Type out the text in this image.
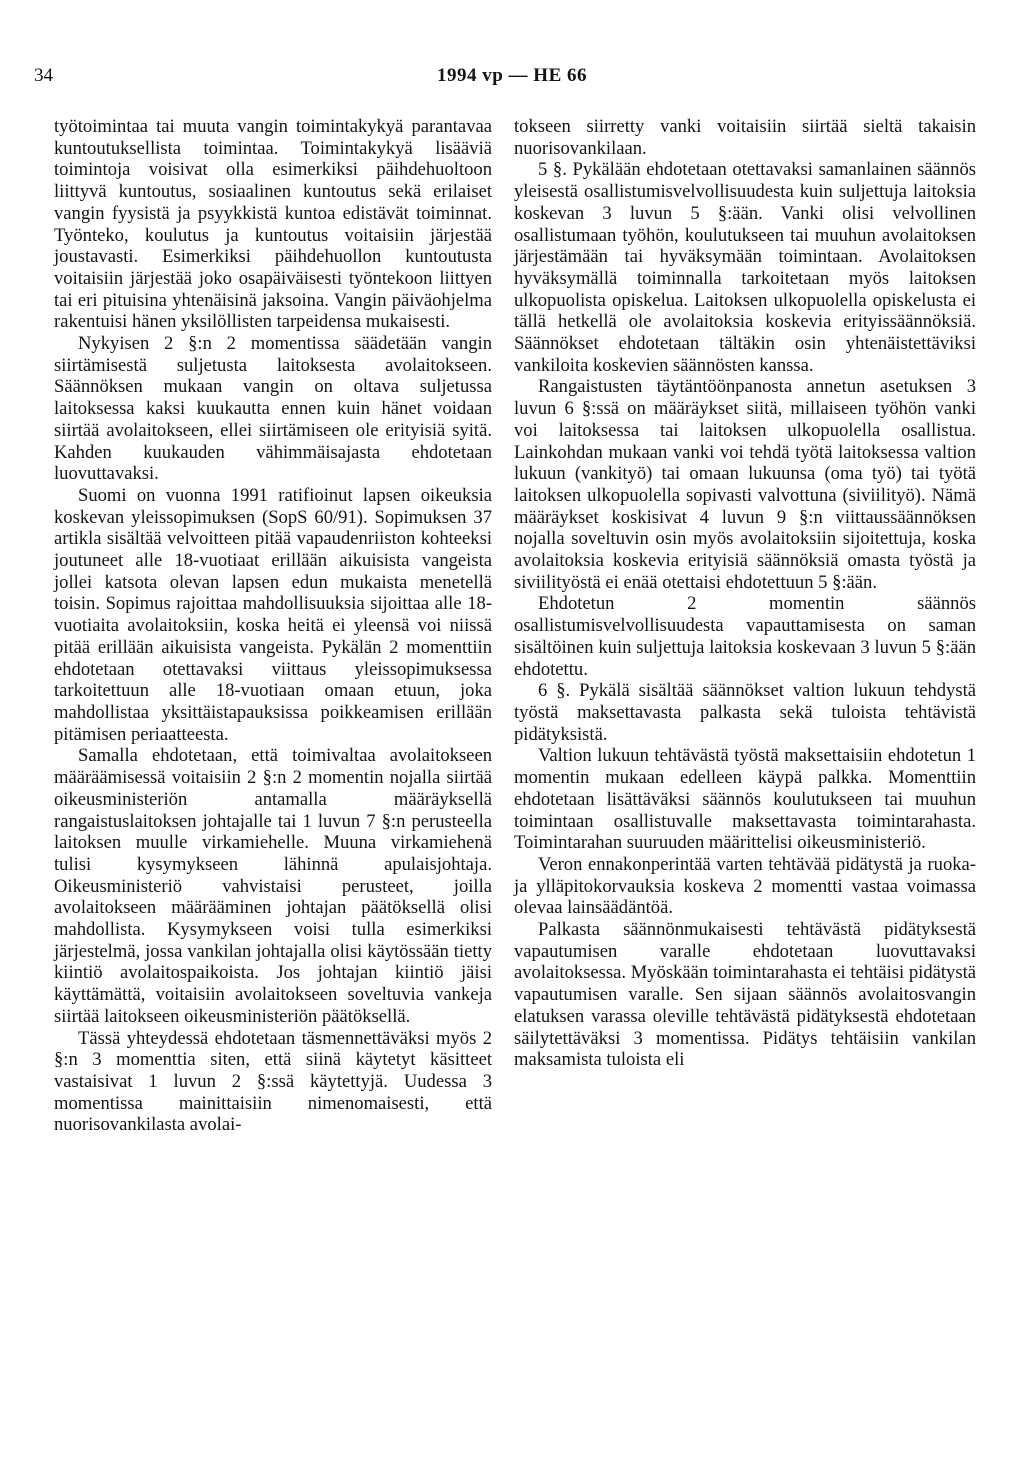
34	1994 vp — HE 66

työtoimintaa tai muuta vangin toimintakykyä parantavaa kuntoutuksellista toimintaa. Toimintakykyä lisääviä toimintoja voisivat olla esimerkiksi päihdehuoltoon liittyvä kuntoutus, sosiaalinen kuntoutus sekä erilaiset vangin fyysistä ja psyykkistä kuntoa edistävät toiminnat. Työnteko, koulutus ja kuntoutus voitaisiin järjestää joustavasti. Esimerkiksi päihdehuollon kuntoutusta voitaisiin järjestää joko osapäiväisesti työntekoon liittyen tai eri pituisina yhtenäisinä jaksoina. Vangin päiväohjelma rakentuisi hänen yksilöllisten tarpeidensa mukaisesti.

Nykyisen 2 §:n 2 momentissa säädetään vangin siirtämisestä suljetusta laitoksesta avolaitokseen. Säännöksen mukaan vangin on oltava suljetussa laitoksessa kaksi kuukautta ennen kuin hänet voidaan siirtää avolaitokseen, ellei siirtämiseen ole erityisiä syitä. Kahden kuukauden vähimmäisajasta ehdotetaan luovuttavaksi.

Suomi on vuonna 1991 ratifioinut lapsen oikeuksia koskevan yleissopimuksen (SopS 60/91). Sopimuksen 37 artikla sisältää velvoitteen pitää vapaudenriiston kohteeksi joutuneet alle 18-vuotiaat erillään aikuisista vangeista jollei katsota olevan lapsen edun mukaista menetellä toisin. Sopimus rajoittaa mahdollisuuksia sijoittaa alle 18-vuotiaita avolaitoksiin, koska heitä ei yleensä voi niissä pitää erillään aikuisista vangeista. Pykälän 2 momenttiin ehdotetaan otettavaksi viittaus yleissopimuksessa tarkoitettuun alle 18-vuotiaan omaan etuun, joka mahdollistaa yksittäistapauksissa poikkeamisen erillään pitämisen periaatteesta.

Samalla ehdotetaan, että toimivaltaa avolaitokseen määräämisessä voitaisiin 2 §:n 2 momentin nojalla siirtää oikeusministeriön antamalla määräyksellä rangaistuslaitoksen johtajalle tai 1 luvun 7 §:n perusteella laitoksen muulle virkamiehelle. Muuna virkamiehenä tulisi kysymykseen lähinnä apulaisjohtaja. Oikeusministeriö vahvistaisi perusteet, joilla avolaitokseen määrääminen johtajan päätöksellä olisi mahdollista. Kysymykseen voisi tulla esimerkiksi järjestelmä, jossa vankilan johtajalla olisi käytössään tietty kiintiö avolaitospaikoista. Jos johtajan kiintiö jäisi käyttämättä, voitaisiin avolaitokseen soveltuvia vankeja siirtää laitokseen oikeusministeriön päätöksellä.

Tässä yhteydessä ehdotetaan täsmennettäväksi myös 2 §:n 3 momenttia siten, että siinä käytetyt käsitteet vastaisivat 1 luvun 2 §:ssä käytettyjä. Uudessa 3 momentissa mainittaisiin nimenomaisesti, että nuorisovankilasta avolai-

tokseen siirretty vanki voitaisiin siirtää sieltä takaisin nuorisovankilaan.

5 §. Pykälään ehdotetaan otettavaksi samanlainen säännös yleisestä osallistumisvelvollisuudesta kuin suljettuja laitoksia koskevan 3 luvun 5 §:ään. Vanki olisi velvollinen osallistumaan työhön, koulutukseen tai muuhun avolaitoksen järjestämään tai hyväksymään toimintaan. Avolaitoksen hyväksymällä toiminnalla tarkoitetaan myös laitoksen ulkopuolista opiskelua. Laitoksen ulkopuolella opiskelusta ei tällä hetkellä ole avolaitoksia koskevia erityissäännöksiä. Säännökset ehdotetaan tältäkin osin yhtenäistettäviksi vankiloita koskevien säännösten kanssa.

Rangaistusten täytäntöönpanosta annetun asetuksen 3 luvun 6 §:ssä on määräykset siitä, millaiseen työhön vanki voi laitoksessa tai laitoksen ulkopuolella osallistua. Lainkohdan mukaan vanki voi tehdä työtä laitoksessa valtion lukuun (vankityö) tai omaan lukuunsa (oma työ) tai työtä laitoksen ulkopuolella sopivasti valvottuna (siviilityö). Nämä määräykset koskisivat 4 luvun 9 §:n viittaussäännöksen nojalla soveltuvin osin myös avolaitoksiin sijoitettuja, koska avolaitoksia koskevia erityisiä säännöksiä omasta työstä ja siviilityöstä ei enää otettaisi ehdotettuun 5 §:ään.

Ehdotetun 2 momentin säännös osallistumisvelvollisuudesta vapauttamisesta on saman sisältöinen kuin suljettuja laitoksia koskevaan 3 luvun 5 §:ään ehdotettu.

6 §. Pykälä sisältää säännökset valtion lukuun tehdystä työstä maksettavasta palkasta sekä tuloista tehtävistä pidätyksistä.

Valtion lukuun tehtävästä työstä maksettaisiin ehdotetun 1 momentin mukaan edelleen käypä palkka. Momenttiin ehdotetaan lisättäväksi säännös koulutukseen tai muuhun toimintaan osallistuvalle maksettavasta toimintarahasta. Toimintarahan suuruuden määrittelisi oikeusministeriö.

Veron ennakonperintää varten tehtävää pidätystä ja ruoka- ja ylläpitokorvauksia koskeva 2 momentti vastaa voimassa olevaa lainsäädäntöä.

Palkasta säännönmukaisesti tehtävästä pidätyksestä vapautumisen varalle ehdotetaan luovuttavaksi avolaitoksessa. Myöskään toimintarahasta ei tehtäisi pidätystä vapautumisen varalle. Sen sijaan säännös avolaitosvangin elatuksen varassa oleville tehtävästä pidätyksestä ehdotetaan säilytettäväksi 3 momentissa. Pidätys tehtäisiin vankilan maksamista tuloista eli
